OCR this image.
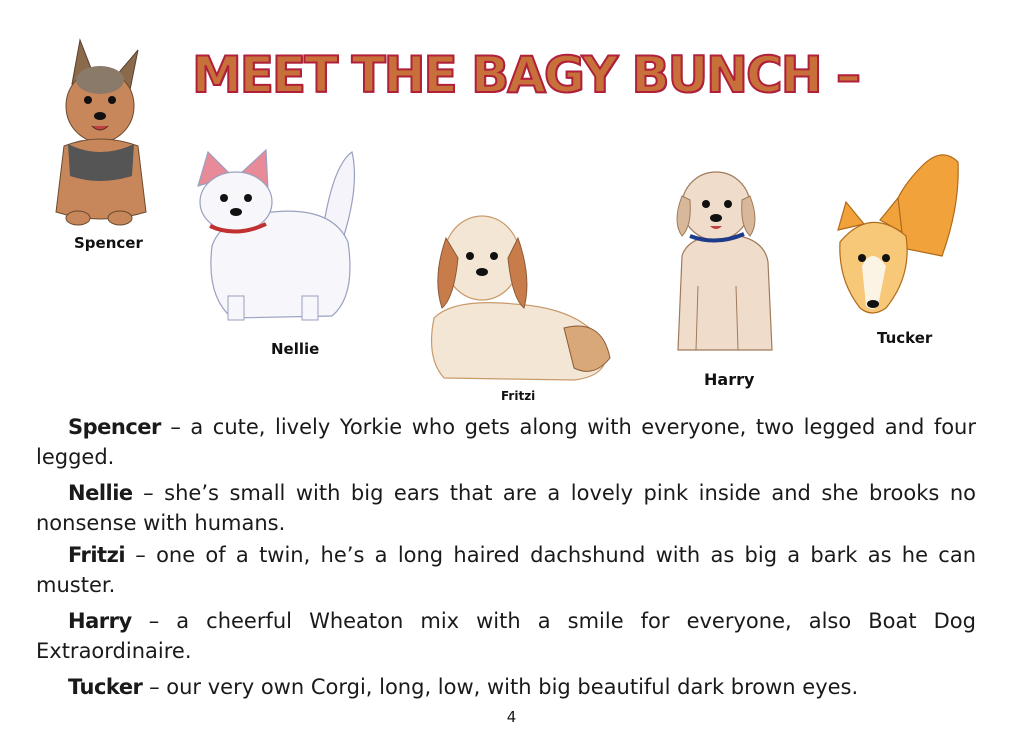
MEET THE BAGY BUNCH –
Spencer
Nellie
Fritzi
Harry
Tucker

Spencer – a cute, lively Yorkie who gets along with everyone, two legged and four legged.

Nellie – she’s small with big ears that are a lovely pink inside and she brooks no nonsense with humans.

Fritzi – one of a twin, he’s a long haired dachshund with as big a bark as he can muster.

Harry – a cheerful Wheaton mix with a smile for everyone, also Boat Dog Extraordinaire.

Tucker – our very own Corgi, long, low, with big beautiful dark brown eyes.

4
